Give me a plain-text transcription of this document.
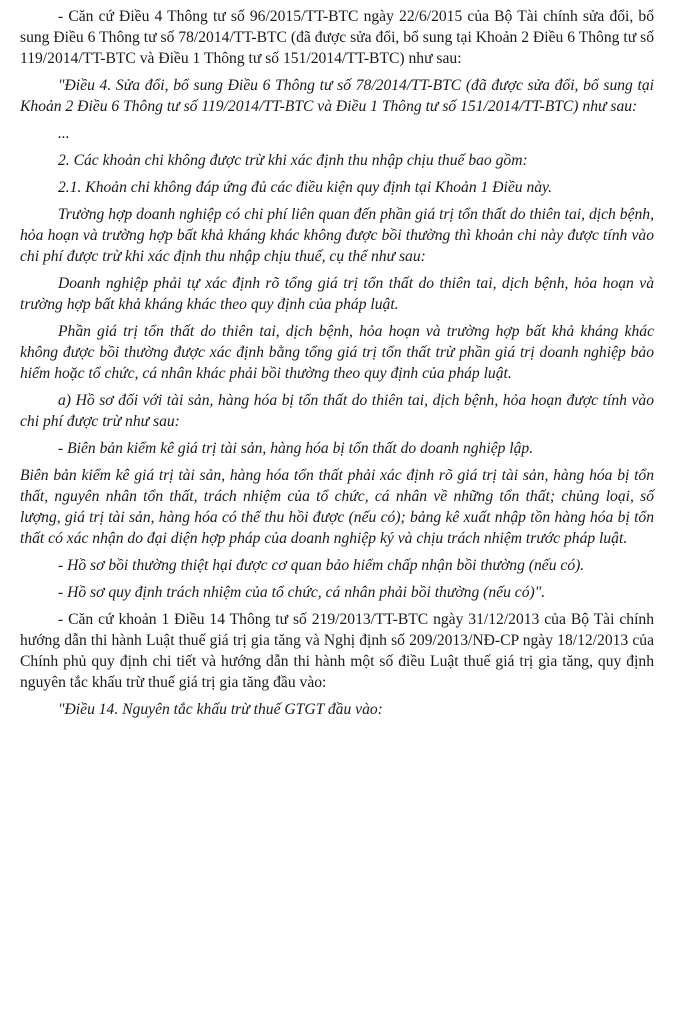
- Căn cứ Điều 4 Thông tư số 96/2015/TT-BTC ngày 22/6/2015 của Bộ Tài chính sửa đổi, bổ sung Điều 6 Thông tư số 78/2014/TT-BTC (đã được sửa đổi, bổ sung tại Khoản 2 Điều 6 Thông tư số 119/2014/TT-BTC và Điều 1 Thông tư số 151/2014/TT-BTC) như sau:

"Điều 4. Sửa đổi, bổ sung Điều 6 Thông tư số 78/2014/TT-BTC (đã được sửa đổi, bổ sung tại Khoản 2 Điều 6 Thông tư số 119/2014/TT-BTC và Điều 1 Thông tư số 151/2014/TT-BTC) như sau:

...

2. Các khoản chi không được trừ khi xác định thu nhập chịu thuế bao gồm:

2.1. Khoản chi không đáp ứng đủ các điều kiện quy định tại Khoản 1 Điều này.

Trường hợp doanh nghiệp có chi phí liên quan đến phần giá trị tổn thất do thiên tai, dịch bệnh, hỏa hoạn và trường hợp bất khả kháng khác không được bồi thường thì khoản chi này được tính vào chi phí được trừ khi xác định thu nhập chịu thuế, cụ thể như sau:

Doanh nghiệp phải tự xác định rõ tổng giá trị tổn thất do thiên tai, dịch bệnh, hỏa hoạn và trường hợp bất khả kháng khác theo quy định của pháp luật.

Phần giá trị tổn thất do thiên tai, dịch bệnh, hỏa hoạn và trường hợp bất khả kháng khác không được bồi thường được xác định bằng tổng giá trị tổn thất trừ phần giá trị doanh nghiệp bảo hiểm hoặc tổ chức, cá nhân khác phải bồi thường theo quy định của pháp luật.

a) Hồ sơ đối với tài sản, hàng hóa bị tổn thất do thiên tai, dịch bệnh, hỏa hoạn được tính vào chi phí được trừ như sau:

- Biên bản kiểm kê giá trị tài sản, hàng hóa bị tổn thất do doanh nghiệp lập.

Biên bản kiểm kê giá trị tài sản, hàng hóa tổn thất phải xác định rõ giá trị tài sản, hàng hóa bị tổn thất, nguyên nhân tổn thất, trách nhiệm của tổ chức, cá nhân về những tổn thất; chủng loại, số lượng, giá trị tài sản, hàng hóa có thể thu hồi được (nếu có); bảng kê xuất nhập tồn hàng hóa bị tổn thất có xác nhận do đại diện hợp pháp của doanh nghiệp ký và chịu trách nhiệm trước pháp luật.

- Hồ sơ bồi thường thiệt hại được cơ quan bảo hiểm chấp nhận bồi thường (nếu có).

- Hồ sơ quy định trách nhiệm của tổ chức, cá nhân phải bồi thường (nếu có)".

- Căn cứ khoản 1 Điều 14 Thông tư số 219/2013/TT-BTC ngày 31/12/2013 của Bộ Tài chính hướng dẫn thi hành Luật thuế giá trị gia tăng và Nghị định số 209/2013/NĐ-CP ngày 18/12/2013 của Chính phủ quy định chi tiết và hướng dẫn thi hành một số điều Luật thuế giá trị gia tăng, quy định nguyên tắc khấu trừ thuế giá trị gia tăng đầu vào:

"Điều 14. Nguyên tắc khấu trừ thuế GTGT đầu vào:
